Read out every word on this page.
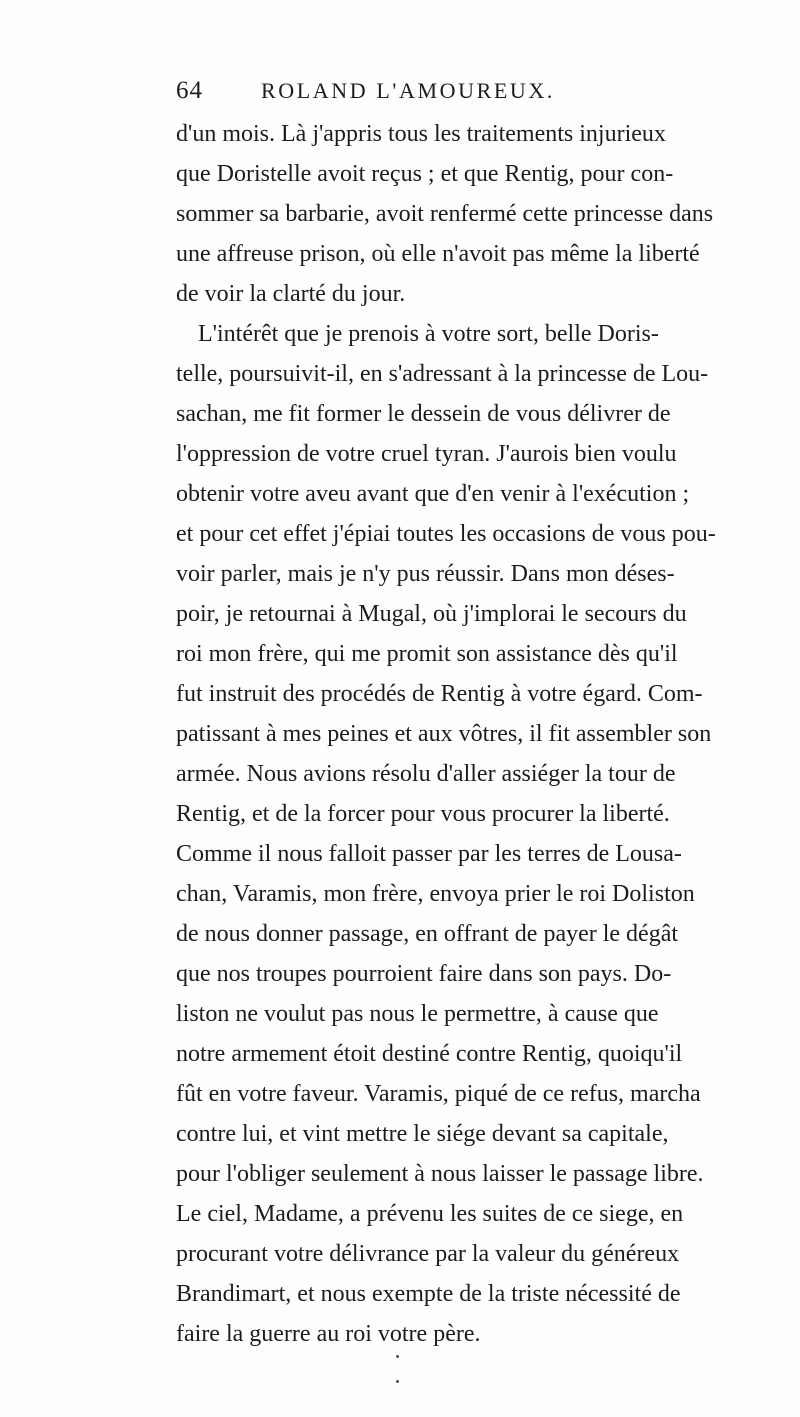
64	ROLAND L'AMOUREUX.
d'un mois. Là j'appris tous les traitements injurieux
que Doristelle avoit reçus ; et que Rentig, pour con-
sommer sa barbarie, avoit renfermé cette princesse dans
une affreuse prison, où elle n'avoit pas même la liberté
de voir la clarté du jour.
L'intérêt que je prenois à votre sort, belle Doris-
telle, poursuivit-il, en s'adressant à la princesse de Lou-
sachan, me fit former le dessein de vous délivrer de
l'oppression de votre cruel tyran. J'aurois bien voulu
obtenir votre aveu avant que d'en venir à l'exécution ;
et pour cet effet j'épiai toutes les occasions de vous pou-
voir parler, mais je n'y pus réussir. Dans mon déses-
poir, je retournai à Mugal, où j'implorai le secours du
roi mon frère, qui me promit son assistance dès qu'il
fut instruit des procédés de Rentig à votre égard. Com-
patissant à mes peines et aux vôtres, il fit assembler son
armée. Nous avions résolu d'aller assiéger la tour de
Rentig, et de la forcer pour vous procurer la liberté.
Comme il nous falloit passer par les terres de Lousa-
chan, Varamis, mon frère, envoya prier le roi Doliston
de nous donner passage, en offrant de payer le dégât
que nos troupes pourroient faire dans son pays. Do-
liston ne voulut pas nous le permettre, à cause que
notre armement étoit destiné contre Rentig, quoiqu'il
fût en votre faveur. Varamis, piqué de ce refus, marcha
contre lui, et vint mettre le siége devant sa capitale,
pour l'obliger seulement à nous laisser le passage libre.
Le ciel, Madame, a prévenu les suites de ce siege, en
procurant votre délivrance par la valeur du généreux
Brandimart, et nous exempte de la triste nécessité de
faire la guerre au roi votre père.
